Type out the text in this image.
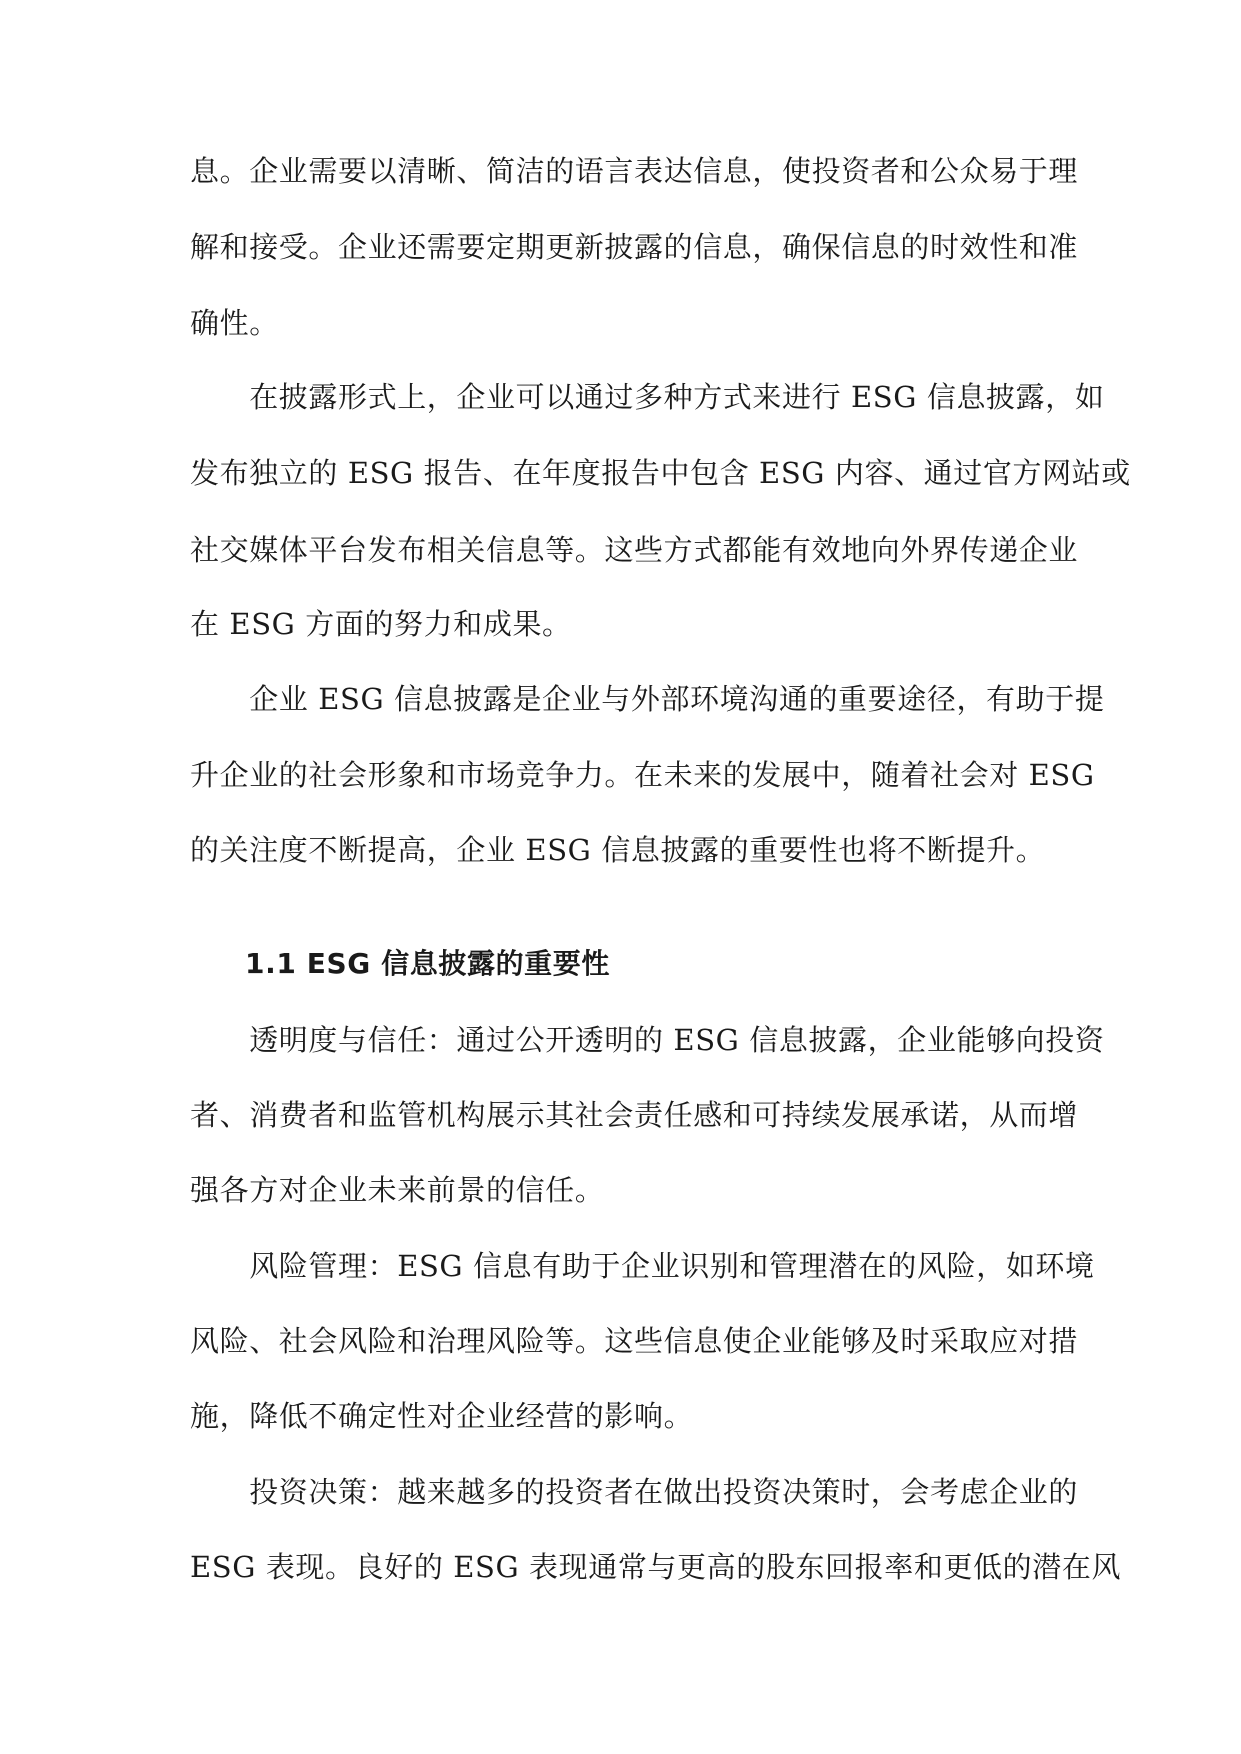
息。企业需要以清晰、简洁的语言表达信息，使投资者和公众易于理
解和接受。企业还需要定期更新披露的信息，确保信息的时效性和准
确性。
　　在披露形式上，企业可以通过多种方式来进行 ESG 信息披露，如
发布独立的 ESG 报告、在年度报告中包含 ESG 内容、通过官方网站或
社交媒体平台发布相关信息等。这些方式都能有效地向外界传递企业
在 ESG 方面的努力和成果。
　　企业 ESG 信息披露是企业与外部环境沟通的重要途径，有助于提
升企业的社会形象和市场竞争力。在未来的发展中，随着社会对 ESG
的关注度不断提高，企业 ESG 信息披露的重要性也将不断提升。
1.1 ESG 信息披露的重要性
　　透明度与信任：通过公开透明的 ESG 信息披露，企业能够向投资
者、消费者和监管机构展示其社会责任感和可持续发展承诺，从而增
强各方对企业未来前景的信任。
　　风险管理：ESG 信息有助于企业识别和管理潜在的风险，如环境
风险、社会风险和治理风险等。这些信息使企业能够及时采取应对措
施，降低不确定性对企业经营的影响。
　　投资决策：越来越多的投资者在做出投资决策时，会考虑企业的
ESG 表现。良好的 ESG 表现通常与更高的股东回报率和更低的潜在风
